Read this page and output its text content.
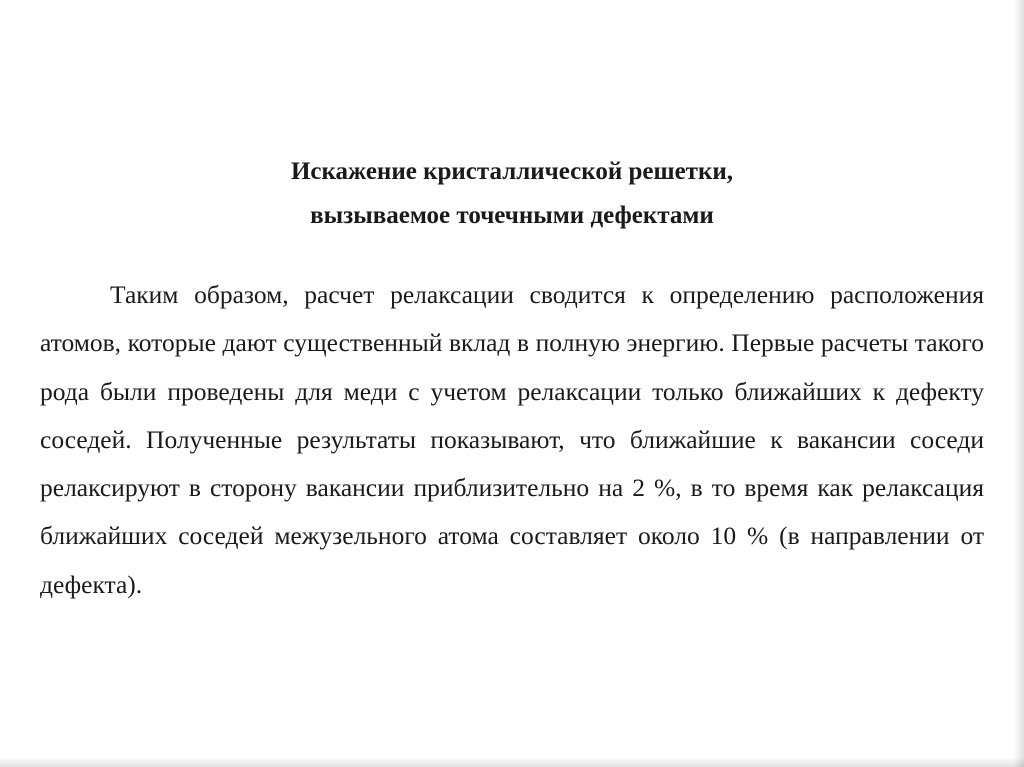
Искажение кристаллической решетки,
вызываемое точечными дефектами

Таким образом, расчет релаксации сводится к определению расположения атомов, которые дают существенный вклад в полную энергию. Первые расчеты такого рода были проведены для меди с учетом релаксации только ближайших к дефекту соседей. Полученные результаты показывают, что ближайшие к вакансии соседи релаксируют в сторону вакансии приблизительно на 2 %, в то время как релаксация ближайших соседей межузельного атома составляет около 10 % (в направлении от дефекта).
